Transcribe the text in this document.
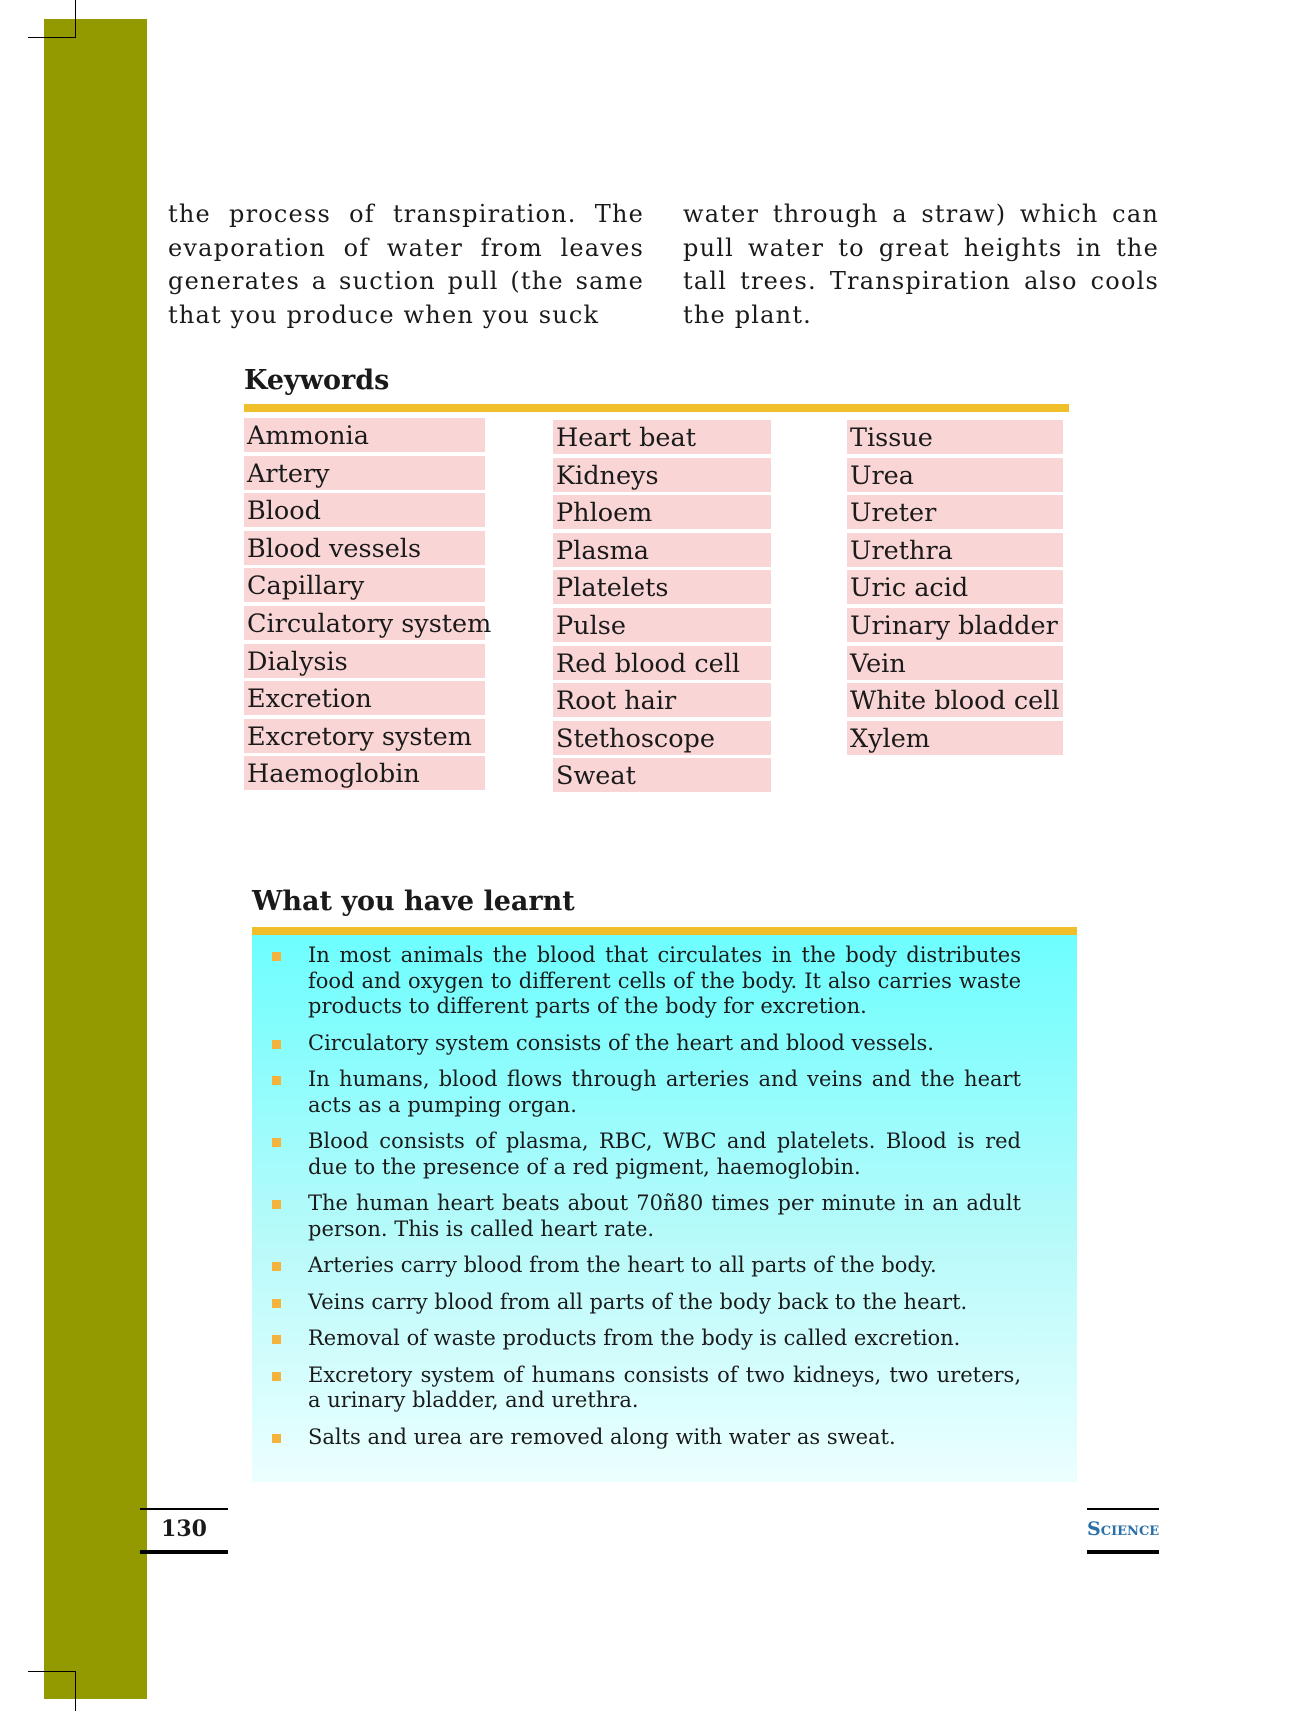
the process of transpiration. The evaporation of water from leaves generates a suction pull (the same that you produce when you suck

water through a straw) which can pull water to great heights in the tall trees. Transpiration also cools the plant.

Keywords
Ammonia
Artery
Blood
Blood vessels
Capillary
Circulatory system
Dialysis
Excretion
Excretory system
Haemoglobin
Heart beat
Kidneys
Phloem
Plasma
Platelets
Pulse
Red blood cell
Root hair
Stethoscope
Sweat
Tissue
Urea
Ureter
Urethra
Uric acid
Urinary bladder
Vein
White blood cell
Xylem
What you have learnt
In most animals the blood that circulates in the body distributes food and oxygen to different cells of the body. It also carries waste products to different parts of the body for excretion.
Circulatory system consists of the heart and blood vessels.
In humans, blood flows through arteries and veins and the heart acts as a pumping organ.
Blood consists of plasma, RBC, WBC and platelets. Blood is red due to the presence of a red pigment, haemoglobin.
The human heart beats about 70ñ80 times per minute in an adult person. This is called heart rate.
Arteries carry blood from the heart to all parts of the body.
Veins carry blood from all parts of the body back to the heart.
Removal of waste products from the body is called excretion.
Excretory system of humans consists of two kidneys, two ureters, a urinary bladder, and urethra.
Salts and urea are removed along with water as sweat.
130	Science
